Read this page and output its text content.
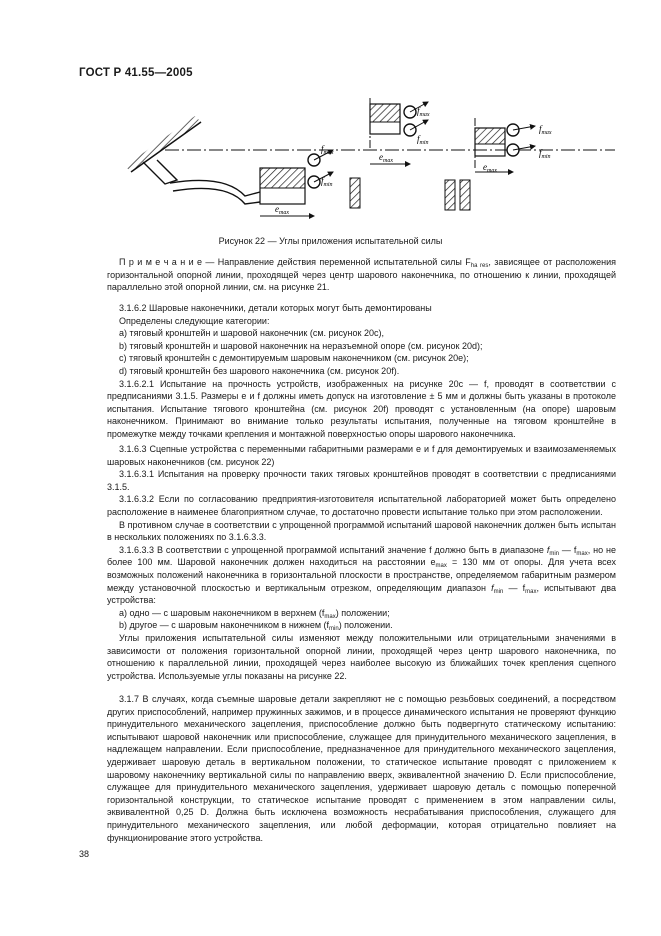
ГОСТ Р 41.55—2005
$f_{max}$
$f_{min}$
$e_{max}$
$f_{max}$
$f_{min}$
$e_{max}$
$f_{max}$
$f_{min}$
$e_{max}$
Рисунок 22 — Углы приложения испытательной силы

П р и м е ч а н и е — Направление действия переменной испытательной силы $F_{ha res}$, зависящее от расположения горизонтальной опорной линии, проходящей через центр шарового наконечника, по отношению к линии, проходящей параллельно этой опорной линии, см. на рисунке 21.

3.1.6.2 Шаровые наконечники, детали которых могут быть демонтированы

Определены следующие категории:

a) тяговый кронштейн и шаровой наконечник (см. рисунок 20c),

b) тяговый кронштейн и шаровой наконечник на неразъемной опоре (см. рисунок 20d);

c) тяговый кронштейн с демонтируемым шаровым наконечником (см. рисунок 20e);

d) тяговый кронштейн без шарового наконечника (см. рисунок 20f).

3.1.6.2.1 Испытание на прочность устройств, изображенных на рисунке 20c — f, проводят в соответствии с предписаниями 3.1.5. Размеры e и f должны иметь допуск на изготовление ± 5 мм и должны быть указаны в протоколе испытания. Испытание тягового кронштейна (см. рисунок 20f) проводят с установленным (на опоре) шаровым наконечником. Принимают во внимание только результаты испытания, полученные на тяговом кронштейне в промежутке между точками крепления и монтажной поверхностью опоры шарового наконечника.

3.1.6.3 Сцепные устройства с переменными габаритными размерами e и f для демонтируемых и взаимозаменяемых шаровых наконечников (см. рисунок 22)

3.1.6.3.1 Испытания на проверку прочности таких тяговых кронштейнов проводят в соответствии с предписаниями 3.1.5.

3.1.6.3.2 Если по согласованию предприятия-изготовителя испытательной лабораторией может быть определено расположение в наименее благоприятном случае, то достаточно провести испытание только при этом расположении.

В противном случае в соответствии с упрощенной программой испытаний шаровой наконечник должен быть испытан в нескольких положениях по 3.1.6.3.3.

3.1.6.3.3 В соответствии с упрощенной программой испытаний значение f должно быть в диапазоне $f_{min}$ — $f_{max}$, но не более 100 мм. Шаровой наконечник должен находиться на расстоянии $e_{max} = 130$ мм от опоры. Для учета всех возможных положений наконечника в горизонтальной плоскости в пространстве, определяемом габаритным размером между установочной плоскостью и вертикальным отрезком, определяющим диапазон $f_{min}$ — $f_{max}$, испытывают два устройства:

a) одно — с шаровым наконечником в верхнем $(f_{max})$ положении;

b) другое — с шаровым наконечником в нижнем $(f_{min})$ положении.

Углы приложения испытательной силы изменяют между положительными или отрицательными значениями в зависимости от положения горизонтальной опорной линии, проходящей через центр шарового наконечника, по отношению к параллельной линии, проходящей через наиболее высокую из ближайших точек крепления сцепного устройства. Используемые углы показаны на рисунке 22.

3.1.7 В случаях, когда съемные шаровые детали закрепляют не с помощью резьбовых соединений, а посредством других приспособлений, например пружинных зажимов, и в процессе динамического испытания не проверяют функцию принудительного механического зацепления, приспособление должно быть подвергнуто статическому испытанию: испытывают шаровой наконечник или приспособление, служащее для принудительного механического зацепления, в надлежащем направлении. Если приспособление, предназначенное для принудительного механического зацепления, удерживает шаровую деталь в вертикальном положении, то статическое испытание проводят с приложением к шаровому наконечнику вертикальной силы по направлению вверх, эквивалентной значению D. Если приспособление, служащее для принудительного механического зацепления, удерживает шаровую деталь с помощью поперечной горизонтальной конструкции, то статическое испытание проводят с применением в этом направлении силы, эквивалентной 0,25 D. Должна быть исключена возможность несрабатывания приспособления, служащего для принудительного механического зацепления, или любой деформации, которая отрицательно повлияет на функционирование этого устройства.

38
